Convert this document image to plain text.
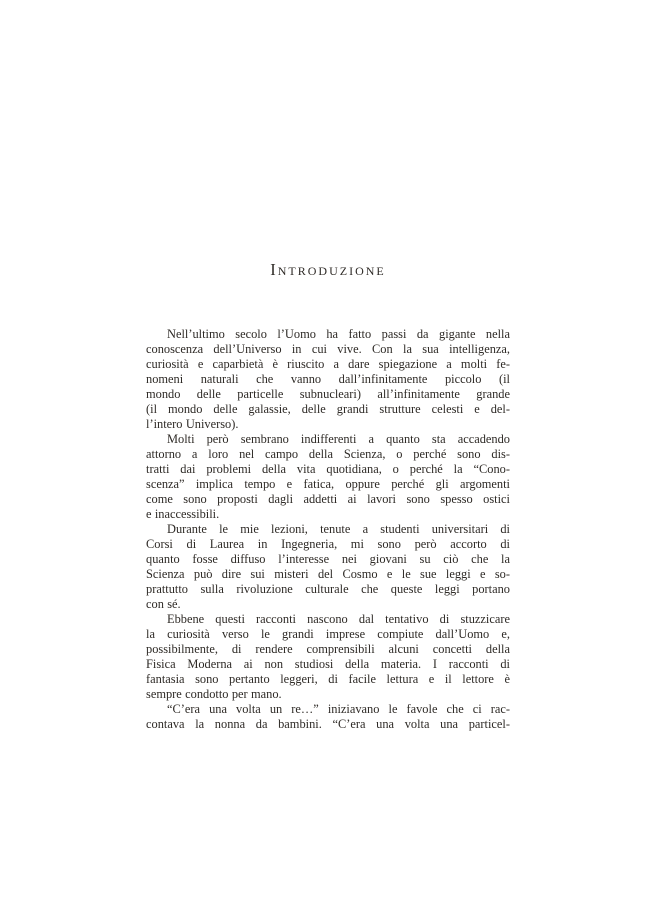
Introduzione
Nell’ultimo secolo l’Uomo ha fatto passi da gigante nella
conoscenza dell’Universo in cui vive. Con la sua intelligenza,
curiosità e caparbietà è riuscito a dare spiegazione a molti fe-
nomeni naturali che vanno dall’infinitamente piccolo (il
mondo delle particelle subnucleari) all’infinitamente grande
(il mondo delle galassie, delle grandi strutture celesti e del-
l’intero Universo).
Molti però sembrano indifferenti a quanto sta accadendo
attorno a loro nel campo della Scienza, o perché sono dis-
tratti dai problemi della vita quotidiana, o perché la “Cono-
scenza” implica tempo e fatica, oppure perché gli argomenti
come sono proposti dagli addetti ai lavori sono spesso ostici
e inaccessibili.
Durante le mie lezioni, tenute a studenti universitari di
Corsi di Laurea in Ingegneria, mi sono però accorto di
quanto fosse diffuso l’interesse nei giovani su ciò che la
Scienza può dire sui misteri del Cosmo e le sue leggi e so-
prattutto sulla rivoluzione culturale che queste leggi portano
con sé.
Ebbene questi racconti nascono dal tentativo di stuzzicare
la curiosità verso le grandi imprese compiute dall’Uomo e,
possibilmente, di rendere comprensibili alcuni concetti della
Fisica Moderna ai non studiosi della materia. I racconti di
fantasia sono pertanto leggeri, di facile lettura e il lettore è
sempre condotto per mano.
“C’era una volta un re…” iniziavano le favole che ci rac-
contava la nonna da bambini. “C’era una volta una particel-
